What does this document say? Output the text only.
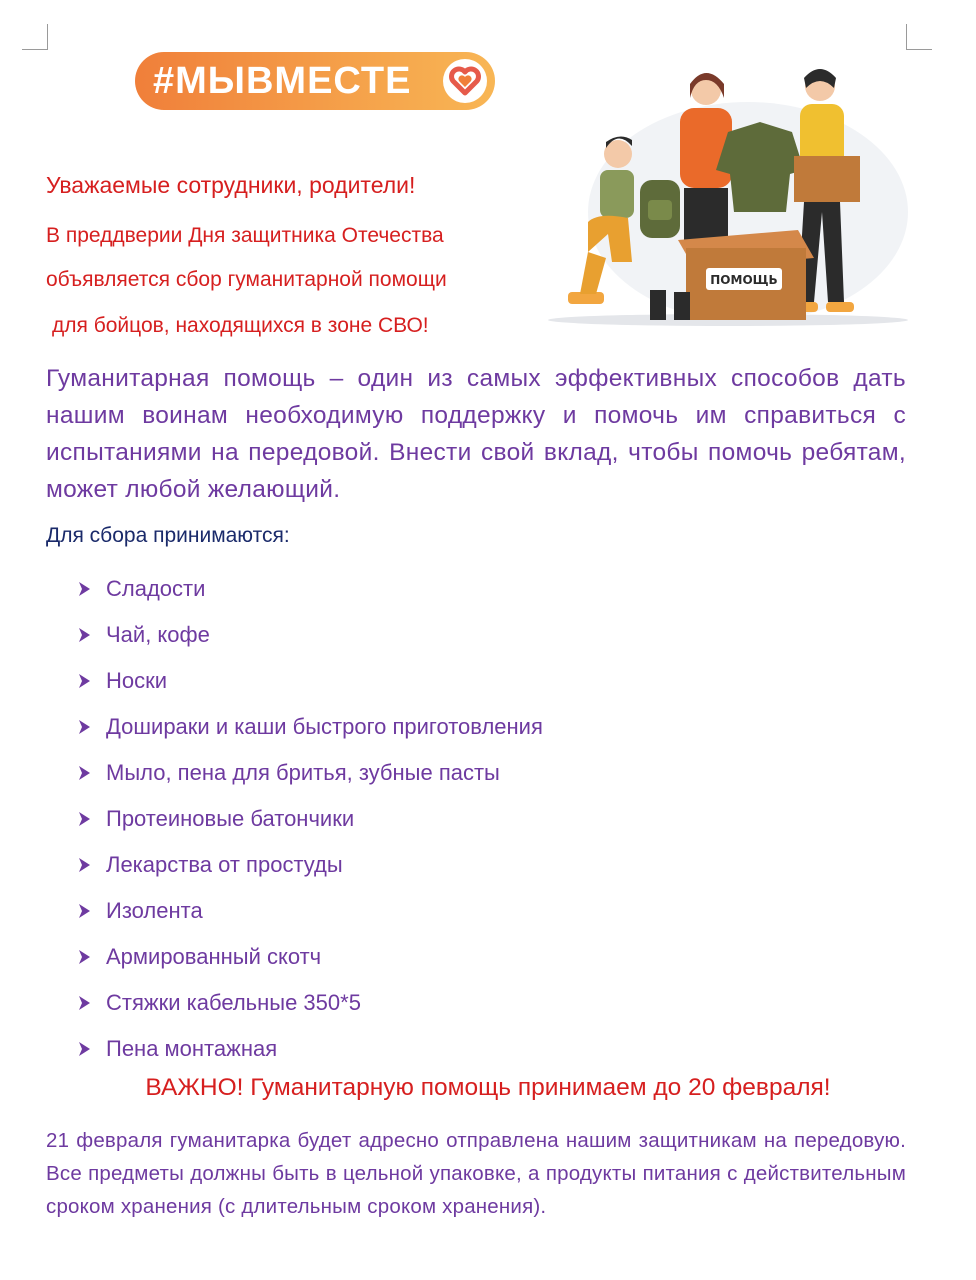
#МЫВМЕСТЕ
ПОМОЩЬ
Уважаемые сотрудники, родители!
В преддверии Дня защитника Отечества
объявляется сбор гуманитарной помощи
для бойцов, находящихся в зоне СВО!

Гуманитарная помощь – один из самых эффективных способов дать нашим воинам необходимую поддержку и помочь им справиться с испытаниями на передовой. Внести свой вклад, чтобы помочь ребятам, может любой желающий.

Для сбора принимаются:
Сладости
Чай, кофе
Носки
Дошираки и каши быстрого приготовления
Мыло, пена для бритья, зубные пасты
Протеиновые батончики
Лекарства от простуды
Изолента
Армированный скотч
Стяжки кабельные 350*5
Пена монтажная
ВАЖНО! Гуманитарную помощь принимаем до 20 февраля!

21 февраля гуманитарка будет адресно отправлена нашим защитникам на передовую. Все предметы должны быть в цельной упаковке, а продукты питания с действительным сроком хранения (с длительным сроком хранения).
